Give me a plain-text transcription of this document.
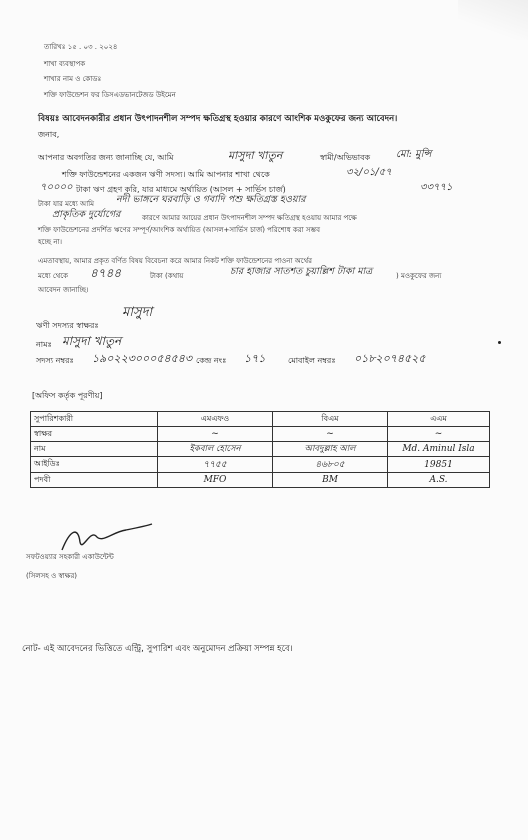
তারিখঃ ১৫ . ০৩ . ২০২৪
শাখা ব্যবস্থাপক
শাখার নাম ও কোডঃ
শক্তি ফাউন্ডেশন ফর ডিসএডভানটেজড উইমেন
বিষয়ঃ আবেদনকারীর প্রধান উৎপাদনশীল সম্পদ ক্ষতিগ্রস্থ হওয়ার কারণে আংশিক মওকুফের জন্য আবেদন।
জনাব,
আপনার অবগতির জন্য জানাচ্ছি যে, আমি	মাসুদা খাতুন	স্বামী/অভিভাবক	মো: মুন্সি
শক্তি ফাউন্ডেশনের একজন ঋণী সদস্য। আমি আপনার শাখা থেকে	৩২/০১/৫৭
৭০০০০ টাকা ঋণ গ্রহণ করি, যার মাধ্যমে অর্থায়িত (আসল + সার্ভিস চার্জ)	৩৩৭৭১
টাকা যার মধ্যে আমি নদী ভাঙ্গনে ঘরবাড়ি ও গবাদি পশু ক্ষতিগ্রস্ত হওয়ার
প্রাকৃতিক দুর্যোগের	কারণে আমার আয়ের প্রধান উৎপাদনশীল সম্পদ ক্ষতিগ্রস্থ হওয়ায় আমার পক্ষে
শক্তি ফাউন্ডেশনের প্রদর্শিত ঋণের সম্পূর্ণ/আংশিক অর্থায়িত (আসল+সার্ভিস চার্জ) পরিশোধ করা সম্ভব
হচ্ছে না।
এমতাবস্থায়, আমার প্রকৃত বর্ণিত বিষয় বিবেচনা করে আমার নিকট শক্তি ফাউন্ডেশনের পাওনা অর্থের
মধ্যে থেকে ৪৭৪৪	টাকা (কথায়	চার হাজার সাতশত চুয়াল্লিশ টাকা মাত্র	) মওকুফের জন্য
আবেদন জানাচ্ছি।
মাসুদা
ঋণী সদস্যর স্বাক্ষরঃ
নামঃ মাসুদা খাতুন
সদস্য নম্বরঃ ১৯০২২৩০০০৫৪৫৪৩ কেন্দ্র নংঃ ১৭১	মোবাইল নম্বরঃ ০১৮২০৭৪৫২৫
[অফিস কর্তৃক পূরণীয়]
সুপারিশকারী	এমএফও	বিএম	এএম
স্বাক্ষর	~	~	~
নাম	ইকবাল হোসেন	আবদুল্লাহ আল	Md. Aminul Isla
আইডিঃ	৭৭৫৫	৪৬৮০৫	19851
পদবী	MFO	BM	A.S.
সফটওয়্যার সহকারী একাউন্টেন্ট
(সিলসহ ও স্বাক্ষর)
নোট- এই আবেদনের ভিত্তিতে এন্ট্রি, সুপারিশ এবং অনুমোদন প্রক্রিয়া সম্পন্ন হবে।
